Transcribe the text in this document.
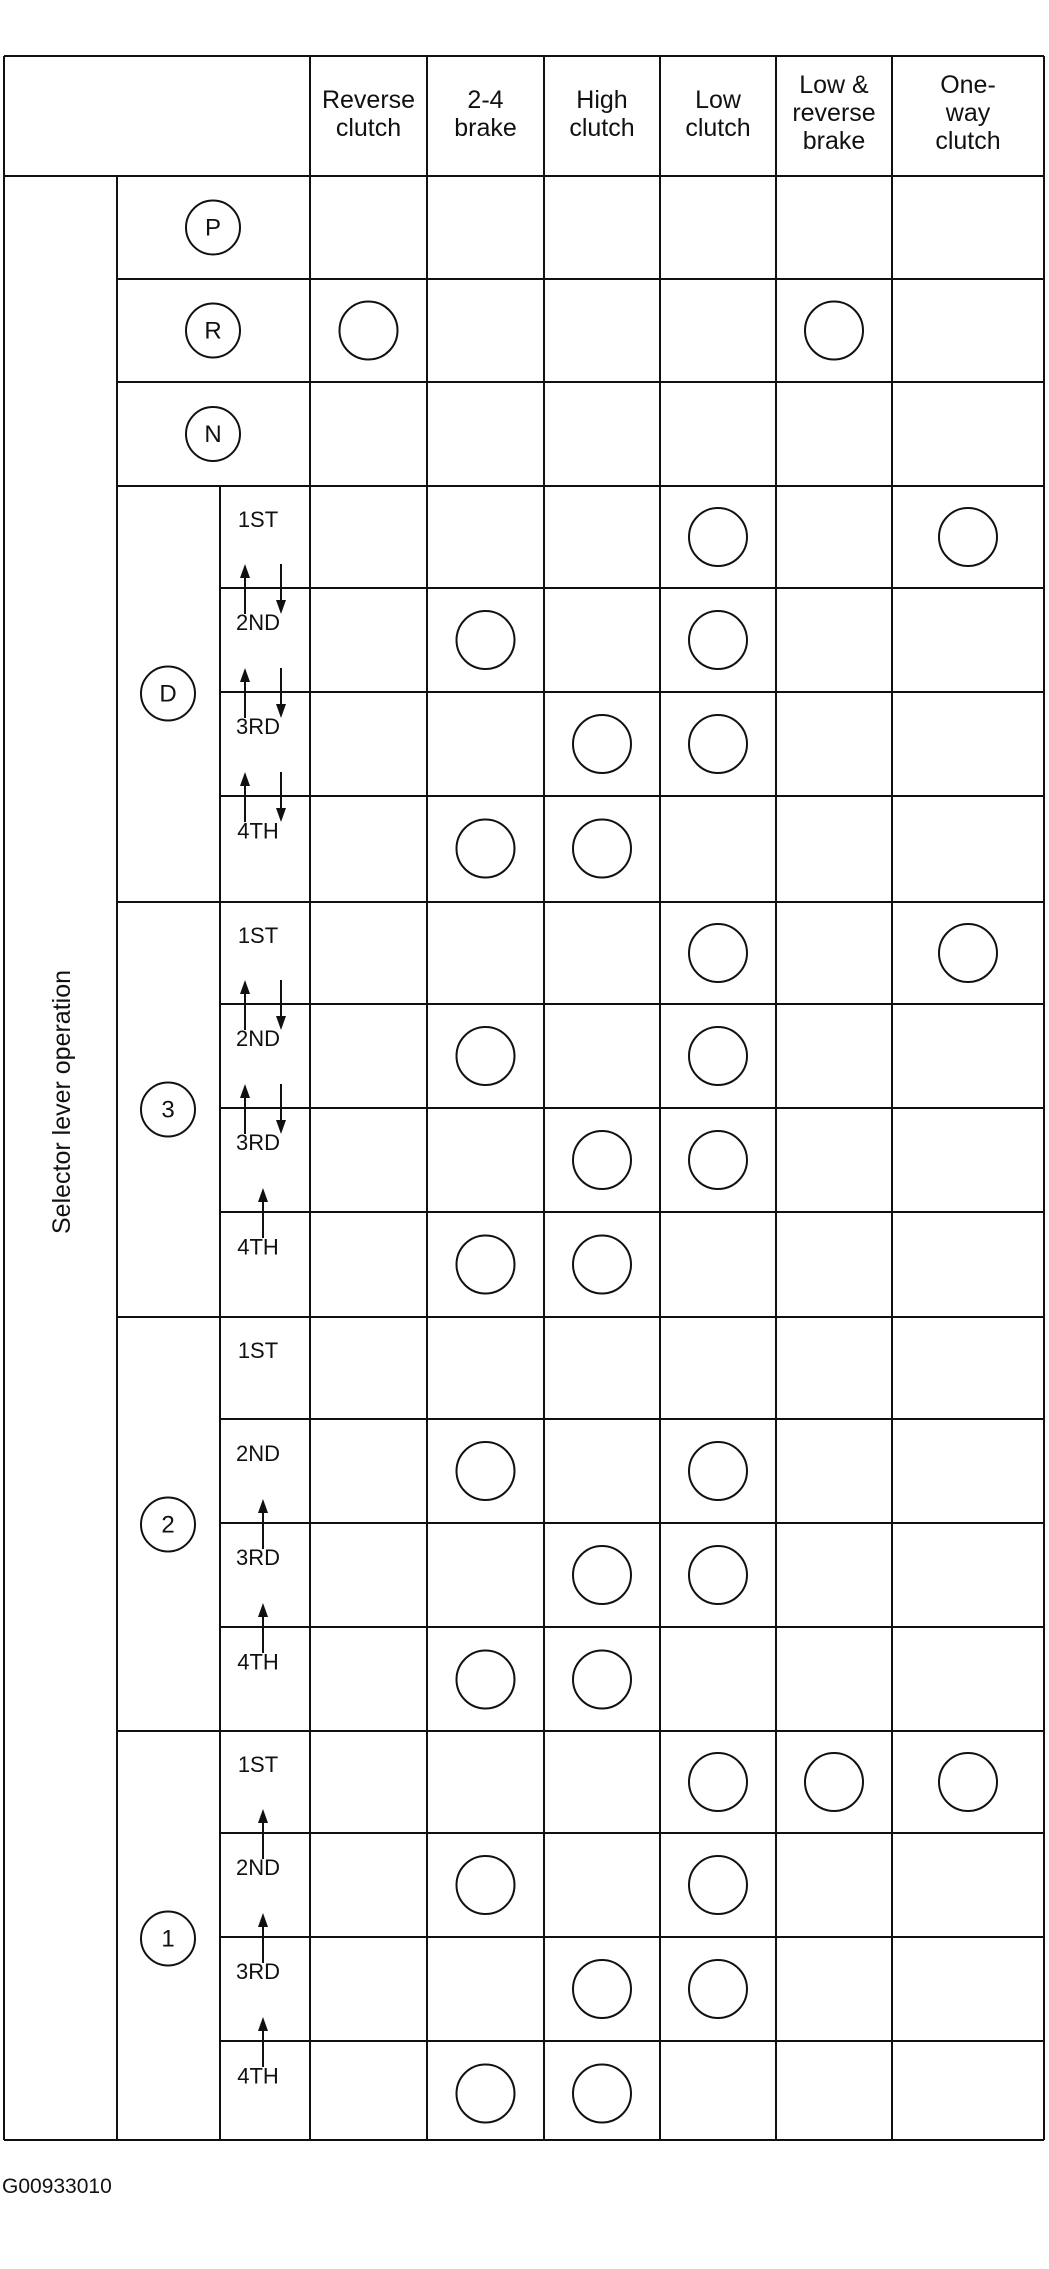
Reverse
clutch
2-4
brake
High
clutch
Low
clutch
Low &
reverse
brake
One-
way
clutch
P
R
N
D
1ST
2ND
3RD
4TH
3
1ST
2ND
3RD
4TH
2
1ST
2ND
3RD
4TH
1
1ST
2ND
3RD
4TH
Selector lever operation
G00933010
